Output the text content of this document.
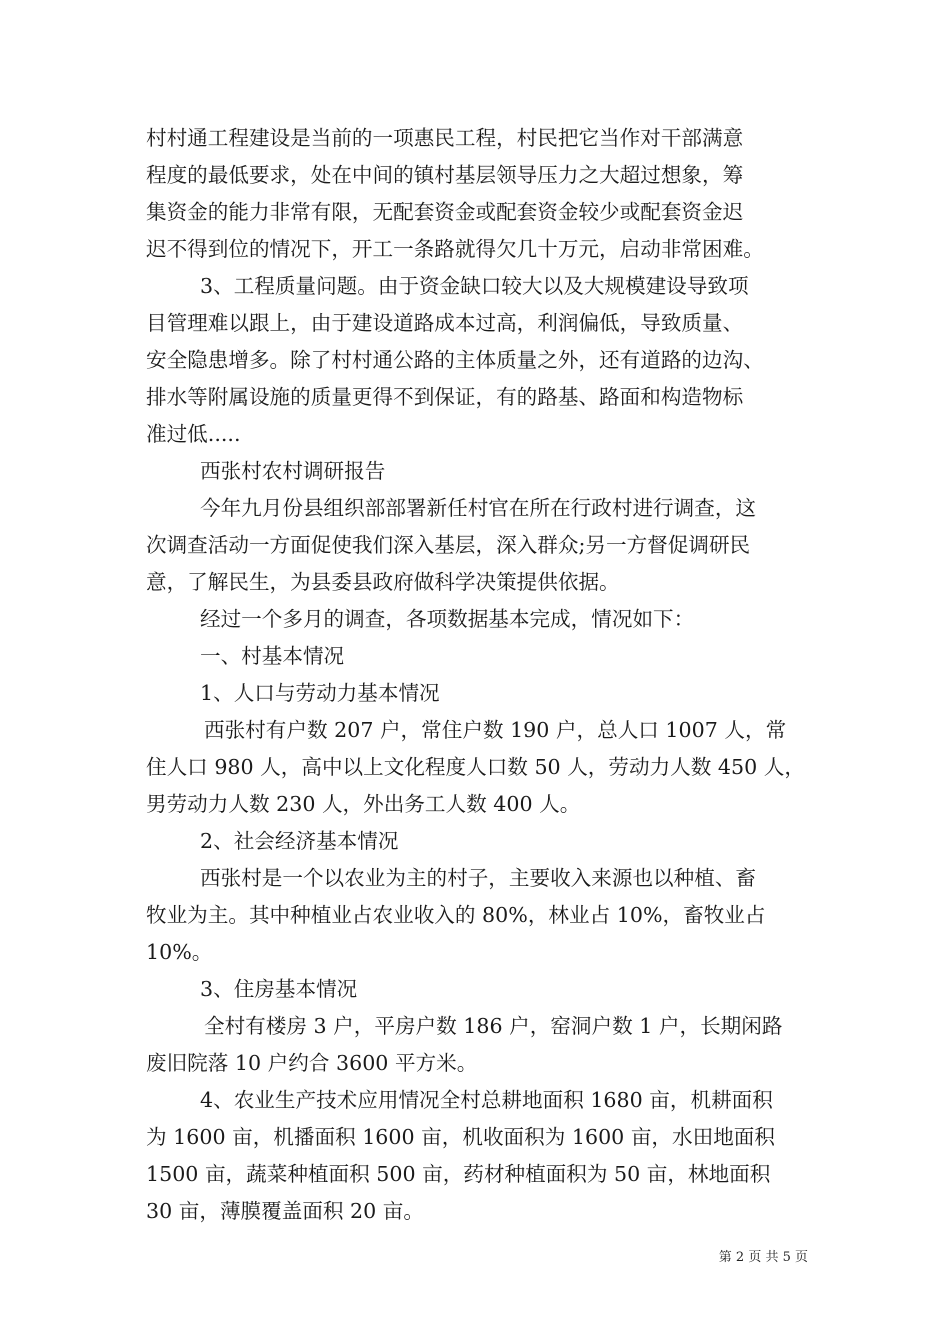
村村通工程建设是当前的一项惠民工程，村民把它当作对干部满意
程度的最低要求，处在中间的镇村基层领导压力之大超过想象，筹
集资金的能力非常有限，无配套资金或配套资金较少或配套资金迟
迟不得到位的情况下，开工一条路就得欠几十万元，启动非常困难。
3、工程质量问题。由于资金缺口较大以及大规模建设导致项
目管理难以跟上，由于建设道路成本过高，利润偏低，导致质量、
安全隐患增多。除了村村通公路的主体质量之外，还有道路的边沟、
排水等附属设施的质量更得不到保证，有的路基、路面和构造物标
准过低.....
西张村农村调研报告
今年九月份县组织部部署新任村官在所在行政村进行调查，这
次调查活动一方面促使我们深入基层，深入群众;另一方督促调研民
意，了解民生，为县委县政府做科学决策提供依据。
经过一个多月的调查，各项数据基本完成，情况如下：
一、村基本情况
1、人口与劳动力基本情况
西张村有户数 207 户，常住户数 190 户，总人口 1007 人，常
住人口 980 人，高中以上文化程度人口数 50 人，劳动力人数 450 人，
男劳动力人数 230 人，外出务工人数 400 人。
2、社会经济基本情况
西张村是一个以农业为主的村子，主要收入来源也以种植、畜
牧业为主。其中种植业占农业收入的 80%，林业占 10%，畜牧业占
10%。
3、住房基本情况
全村有楼房 3 户，平房户数 186 户，窑洞户数 1 户，长期闲路
废旧院落 10 户约合 3600 平方米。
4、农业生产技术应用情况全村总耕地面积 1680 亩，机耕面积
为 1600 亩，机播面积 1600 亩，机收面积为 1600 亩，水田地面积
1500 亩，蔬菜种植面积 500 亩，药材种植面积为 50 亩，林地面积
30 亩，薄膜覆盖面积 20 亩。
第 2 页 共 5 页
